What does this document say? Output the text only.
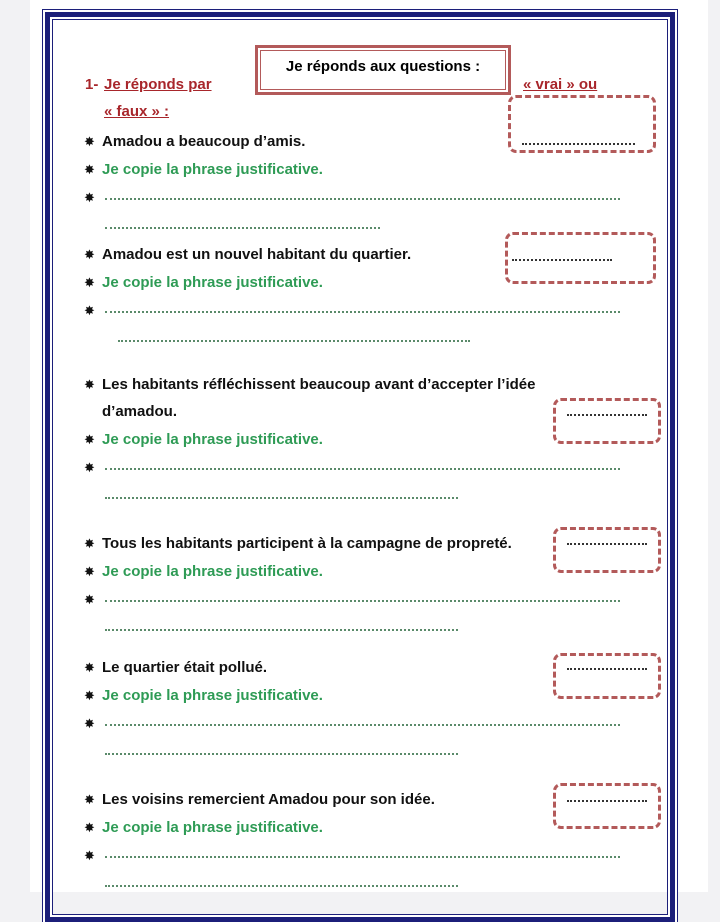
Je réponds aux questions :
1- Je réponds par	« vrai » ou
« faux » :
✸ Amadou a beaucoup d’amis.
✸ Je copie la phrase justificative.
✸
✸ Amadou est un nouvel habitant du quartier.
✸ Je copie la phrase justificative.
✸
✸ Les habitants réfléchissent beaucoup avant d’accepter l’idée
d’amadou.
✸ Je copie la phrase justificative.
✸
✸ Tous les habitants participent à la campagne de propreté.
✸ Je copie la phrase justificative.
✸
✸ Le quartier était pollué.
✸ Je copie la phrase justificative.
✸
✸ Les voisins remercient Amadou pour son idée.
✸ Je copie la phrase justificative.
✸
